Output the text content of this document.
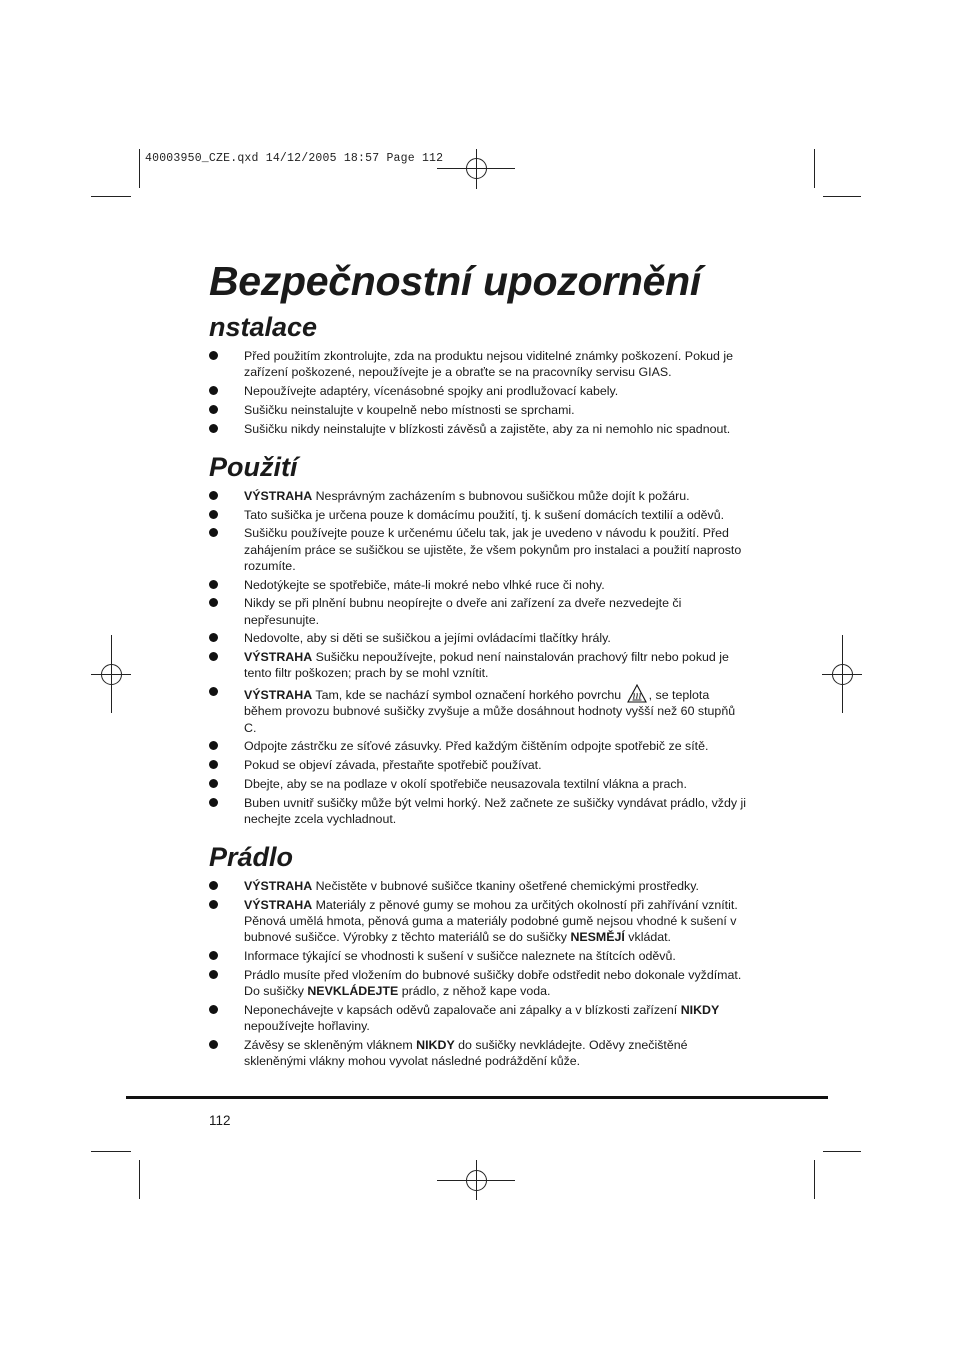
40003950_CZE.qxd 14/12/2005 18:57 Page 112
Bezpečnostní upozornění
nstalace
Před použitím zkontrolujte, zda na produktu nejsou viditelné známky poškození. Pokud je zařízení poškozené, nepoužívejte je a obraťte se na pracovníky servisu GIAS.
Nepoužívejte adaptéry, vícenásobné spojky ani prodlužovací kabely.
Sušičku neinstalujte v koupelně nebo místnosti se sprchami.
Sušičku nikdy neinstalujte v blízkosti závěsů a zajistěte, aby za ni nemohlo nic spadnout.
Použití
VÝSTRAHA Nesprávným zacházením s bubnovou sušičkou může dojít k požáru.
Tato sušička je určena pouze k domácímu použití, tj. k sušení domácích textilií a oděvů.
Sušičku používejte pouze k určenému účelu tak, jak je uvedeno v návodu k použití. Před zahájením práce se sušičkou se ujistěte, že všem pokynům pro instalaci a použití naprosto rozumíte.
Nedotýkejte se spotřebiče, máte-li mokré nebo vlhké ruce či nohy.
Nikdy se při plnění bubnu neopírejte o dveře ani zařízení za dveře nezvedejte či nepřesunujte.
Nedovolte, aby si děti se sušičkou a jejími ovládacími tlačítky hrály.
VÝSTRAHA Sušičku nepoužívejte, pokud není nainstalován prachový filtr nebo pokud je tento filtr poškozen; prach by se mohl vznítit.
VÝSTRAHA Tam, kde se nachází symbol označení horkého povrchu , se teplota během provozu bubnové sušičky zvyšuje a může dosáhnout hodnoty vyšší než 60 stupňů C.
Odpojte zástrčku ze síťové zásuvky. Před každým čištěním odpojte spotřebič ze sítě.
Pokud se objeví závada, přestaňte spotřebič používat.
Dbejte, aby se na podlaze v okolí spotřebiče neusazovala textilní vlákna a prach.
Buben uvnitř sušičky může být velmi horký. Než začnete ze sušičky vyndávat prádlo, vždy ji nechejte zcela vychladnout.
Prádlo
VÝSTRAHA Nečistěte v bubnové sušičce tkaniny ošetřené chemickými prostředky.
VÝSTRAHA Materiály z pěnové gumy se mohou za určitých okolností při zahřívání vznítit. Pěnová umělá hmota, pěnová guma a materiály podobné gumě nejsou vhodné k sušení v bubnové sušičce. Výrobky z těchto materiálů se do sušičky NESMĚJÍ vkládat.
Informace týkající se vhodnosti k sušení v sušičce naleznete na štítcích oděvů.
Prádlo musíte před vložením do bubnové sušičky dobře odstředit nebo dokonale vyždímat. Do sušičky NEVKLÁDEJTE prádlo, z něhož kape voda.
Neponechávejte v kapsách oděvů zapalovače ani zápalky a v blízkosti zařízení NIKDY nepoužívejte hořlaviny.
Závěsy se skleněným vláknem NIKDY do sušičky nevkládejte. Oděvy znečištěné skleněnými vlákny mohou vyvolat následné podráždění kůže.
112
